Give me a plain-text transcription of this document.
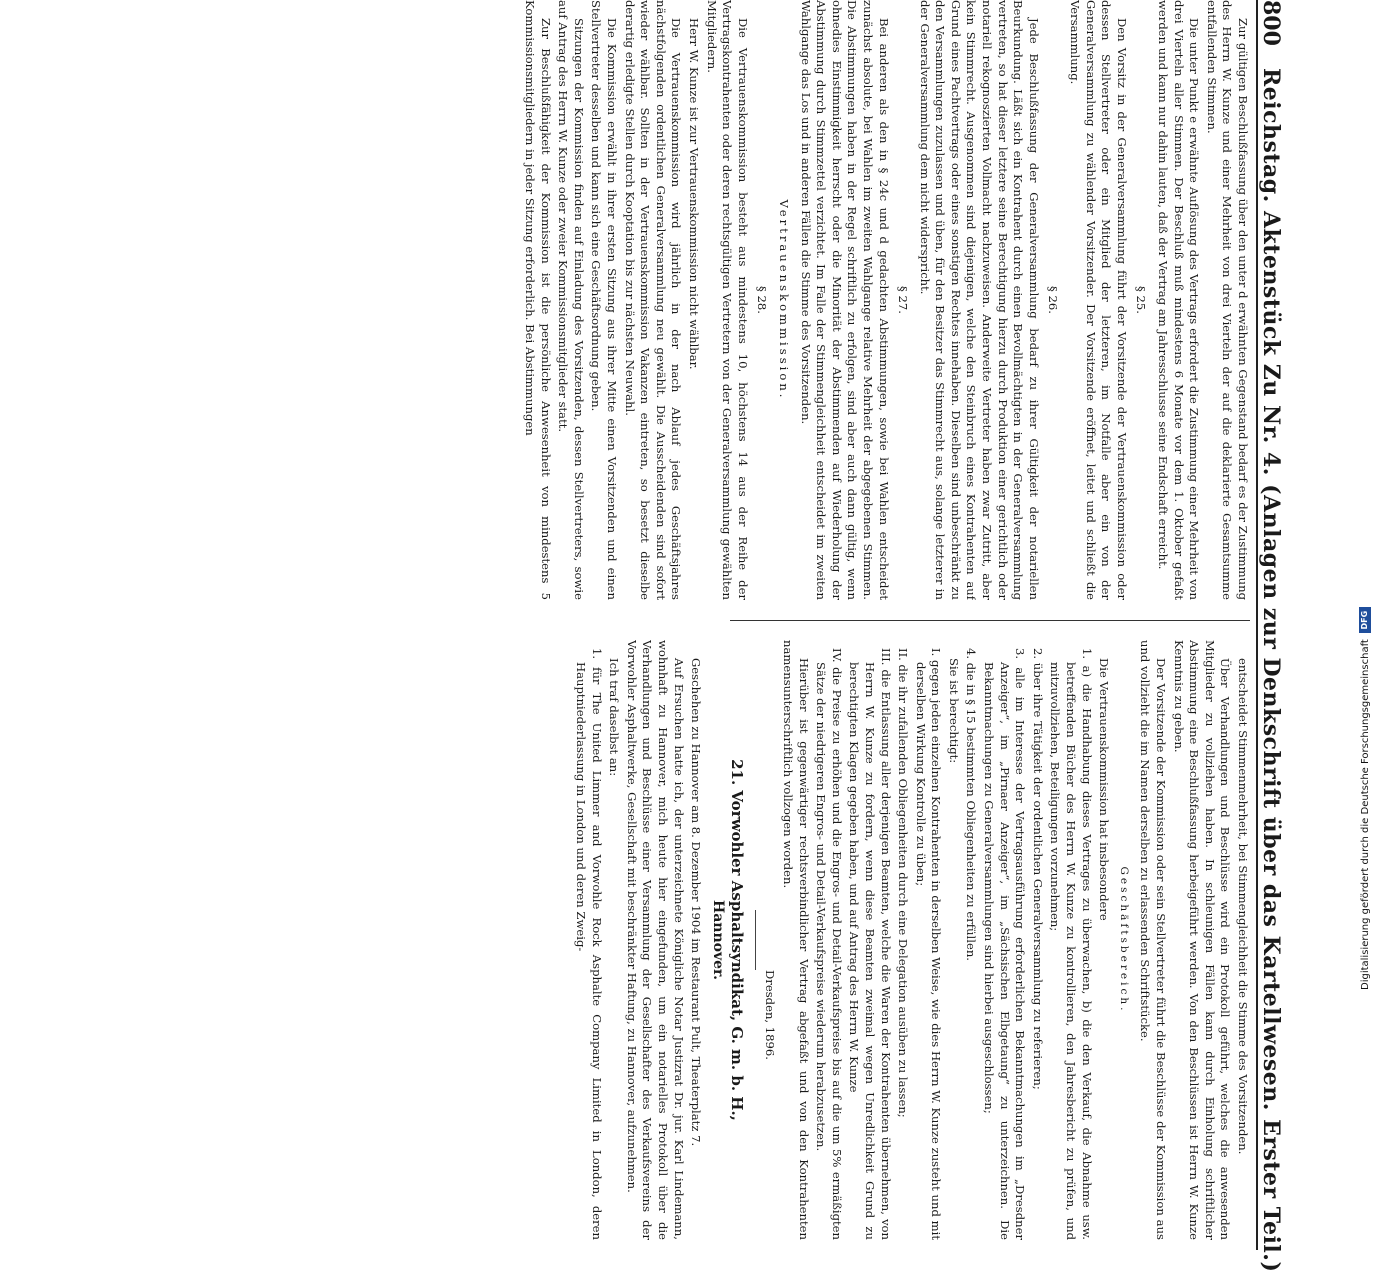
800
Reichstag. Aktenstück Zu Nr. 4. (Anlagen zur Denkschrift über das Kartellwesen. Erster Teil.)

Zur gültigen Beschlußfassung über den unter d erwähnten Gegenstand bedarf es der Zustimmung des Herrn W. Kunze und einer Mehrheit von drei Vierteln der auf die deklarierte Gesamtsumme entfallenden Stimmen.

Die unter Punkt e erwähnte Auflösung des Vertrags erfordert die Zustimmung einer Mehrheit von drei Vierteln aller Stimmen. Der Beschluß muß mindestens 6 Monate vor dem 1. Oktober gefaßt werden und kann nur dahin lauten, daß der Vertrag am Jahresschlusse seine Endschaft erreicht.

§ 25.

Den Vorsitz in der Generalversammlung führt der Vorsitzende der Vertrauenskommission oder dessen Stellvertreter oder ein Mitglied der letzteren, im Notfalle aber ein von der Generalversammlung zu wählender Vorsitzender. Der Vorsitzende eröffnet, leitet und schließt die Versammlung.

§ 26.

Jede Beschlußfassung der Generalversammlung bedarf zu ihrer Gültigkeit der notariellen Beurkundung. Läßt sich ein Kontrahent durch einen Bevollmächtigten in der Generalversammlung vertreten, so hat dieser letztere seine Berechtigung hierzu durch Produktion einer gerichtlich oder notariell rekognoszierten Vollmacht nachzuweisen. Anderweite Vertreter haben zwar Zutritt, aber kein Stimmrecht. Ausgenommen sind diejenigen, welche den Steinbruch eines Kontrahenten auf Grund eines Pachtvertrags oder eines sonstigen Rechtes innehaben. Dieselben sind unbeschränkt zu den Versammlungen zuzulassen und üben, für den Besitzer das Stimmrecht aus, solange letzterer in der Generalversammlung dem nicht widerspricht.

§ 27.

Bei anderen als den in § 24c und d gedachten Abstimmungen, sowie bei Wahlen entscheidet zunächst absolute, bei Wahlen im zweiten Wahlgange relative Mehrheit der abgegebenen Stimmen. Die Abstimmungen haben in der Regel schriftlich zu erfolgen, sind aber auch dann gültig, wenn ohnedies Einstimmigkeit herrscht oder die Minorität der Abstimmenden auf Wiederholung der Abstimmung durch Stimmzettel verzichtet. Im Falle der Stimmengleichheit entscheidet im zweiten Wahlgange das Los und in anderen Fällen die Stimme des Vorsitzenden.

Vertrauenskommission.

§ 28.

Die Vertrauenskommission besteht aus mindestens 10, höchstens 14 aus der Reihe der Vertragskontrahenten oder deren rechtsgültigen Vertretern von der Generalversammlung gewählten Mitgliedern.

Herr W. Kunze ist zur Vertrauenskommission nicht wählbar.

Die Vertrauenskommission wird jährlich in der nach Ablauf jedes Geschäftsjahres nächstfolgenden ordentlichen Generalversammlung neu gewählt. Die Ausscheidenden sind sofort wieder wählbar. Sollten in der Vertrauenskommission Vakanzen eintreten, so besetzt dieselbe derartig erledigte Stellen durch Kooptation bis zur nächsten Neuwahl.

Die Kommission erwählt in ihrer ersten Sitzung aus ihrer Mitte einen Vorsitzenden und einen Stellvertreter desselben und kann sich eine Geschäftsordnung geben.

Sitzungen der Kommission finden auf Einladung des Vorsitzenden, dessen Stellvertreters, sowie auf Antrag des Herrn W. Kunze oder zweier Kommissionsmitglieder statt.

Zur Beschlußfähigkeit der Kommission ist die persönliche Anwesenheit von mindestens 5 Kommissionsmitgliedern in jeder Sitzung erforderlich. Bei Abstimmungen

entscheidet Stimmenmehrheit, bei Stimmengleichheit die Stimme des Vorsitzenden.

Über Verhandlungen und Beschlüsse wird ein Protokoll geführt, welches die anwesenden Mitglieder zu vollziehen haben. In schleunigen Fällen kann durch Einholung schriftlicher Abstimmung eine Beschlußfassung herbeigeführt werden. Von den Beschlüssen ist Herrn W. Kunze Kenntnis zu geben.

Der Vorsitzende der Kommission oder sein Stellvertreter führt die Beschlüsse der Kommission aus und vollzieht die im Namen derselben zu erlassenden Schriftstücke.

Geschäftsbereich.

Die Vertrauenskommission hat insbesondere

1. a) die Handhabung dieses Vertrages zu überwachen, b) die den Verkauf, die Abnahme usw. betreffenden Bücher des Herrn W. Kunze zu kontrollieren, den Jahresbericht zu prüfen, und mitzuvollziehen, Beteiligungen vorzunehmen;

2. über ihre Tätigkeit der ordentlichen Generalversammlung zu referieren;

3. alle im Interesse der Vertragsausführung erforderlichen Bekanntmachungen im „Dresdner Anzeiger“, im „Pirnaer Anzeiger“, im „Sächsischen Elbgetaung“ zu unterzeichnen. Die Bekanntmachungen zu Generalversammlungen sind hierbei ausgeschlossen;

4. die in § 15 bestimmten Obliegenheiten zu erfüllen.

Sie ist berechtigt:

I. gegen jeden einzelnen Kontrahenten in derselben Weise, wie dies Herrn W. Kunze zusteht und mit derselben Wirkung Kontrolle zu üben;

II. die ihr zufallenden Obliegenheiten durch eine Delegation ausüben zu lassen;

III. die Entlassung aller derjenigen Beamten, welche die Waren der Kontrahenten übernehmen, von Herrn W. Kunze zu fordern, wenn diese Beamten zweimal wegen Unredlichkeit Grund zu berechtigten Klagen gegeben haben, und auf Antrag des Herrn W. Kunze

IV. die Preise zu erhöhen und die Engros- und Detail-Verkaufspreise bis auf die um 5% ermäßigten Sätze der niedrigeren Engros- und Detail-Verkaufspreise wiederum herabzusetzen.

Hierüber ist gegenwärtiger rechtsverbindlicher Vertrag abgefaßt und von den Kontrahenten namensunterschriftlich vollzogen worden.

Dresden, 1896.

21. Vorwohler Asphaltsyndikat, G. m. b. H.,
Hannover.

Geschehen zu Hannover am 8. Dezember 1904 im Restaurant Pult, Theaterplatz 7.

Auf Ersuchen hatte ich, der unterzeichnete Königliche Notar Justizrat Dr. jur. Karl Lindemann, wohnhaft zu Hannover, mich heute hier eingefunden, um ein notarielles Protokoll über die Verhandlungen und Beschlüsse einer Versammlung der Gesellschafter des Verkaufsvereins der Vorwohler Asphaltwerke, Gesellschaft mit beschränkter Haftung, zu Hannover, aufzunehmen.

Ich traf daselbst an:

1. für The United Limmer and Vorwohle Rock Asphalte Company Limited in London, deren Hauptniederlassung in London und deren Zweig-	Digitalisierung gefördert durch die Deutsche Forschungsgemeinschaft
DFG
